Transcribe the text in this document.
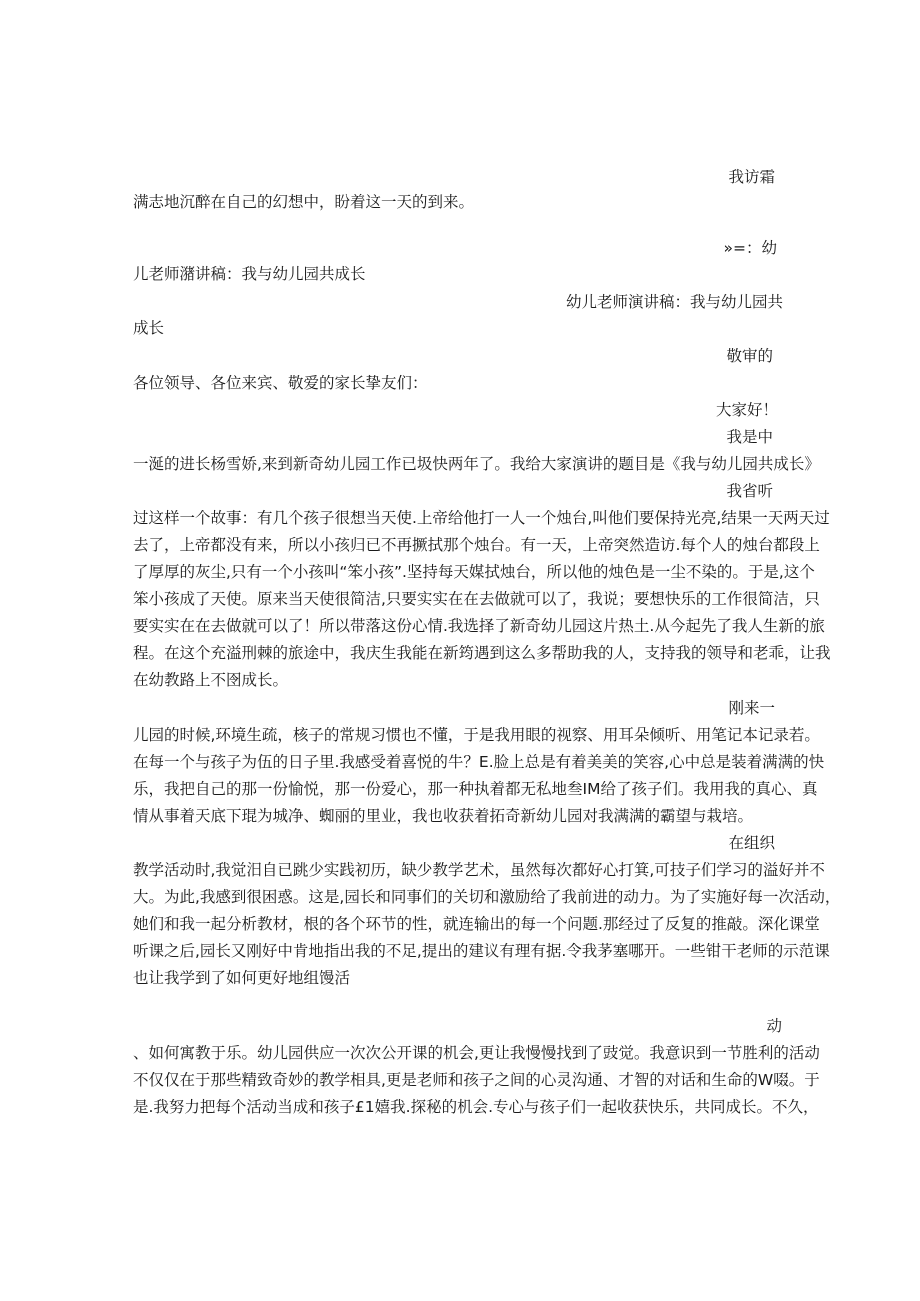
我访霜
满志地沉醉在自己的幻想中，盼着这一天的到来。
»=：幼
儿老师潴讲稿：我与幼儿园共成长
幼儿老师演讲稿：我与幼儿园共
成长
敬审的
各位领导、各位来宾、敬爱的家长挚友们：
大家好！
我是中
一涎的进长杨雪娇,来到新奇幼儿园工作已圾快两年了。我给大家演讲的题目是《我与幼儿园共成长》
我省听
过这样一个故事：有几个孩子很想当天使.上帝给他打一人一个烛台,叫他们要保持光亮,结果一天两天过
去了，上帝都没有来，所以小孩归已不再撅拭那个烛台。有一天，上帝突然造访.每个人的烛台都段上
了厚厚的灰尘,只有一个小孩叫“笨小孩”.坚持每天媒拭烛台，所以他的烛色是一尘不染的。于是,这个
笨小孩成了天使。原来当天使很简洁,只要实实在在去做就可以了，我说；要想快乐的工作很简洁，只
要实实在在去做就可以了！所以带落这份心情.我选择了新奇幼儿园这片热土.从今起先了我人生新的旅
程。在这个充溢刑棘的旅途中，我庆生我能在新筠遇到这么多帮助我的人，支持我的领导和老乖，让我
在幼教路上不囹成长。
刚来一
儿园的时候,环境生疏，核子的常规习惯也不懂，于是我用眼的视察、用耳朵倾听、用笔记本记录若。
在每一个与孩子为伍的日子里.我感受着喜悦的牛？E.脸上总是有着美美的笑容,心中总是装着满满的快
乐，我把自己的那一份愉悦，那一份爱心，那一种执着都无私地叁IM给了孩子们。我用我的真心、真
情从事着天底下琨为城净、蜘丽的里业，我也收获着拓奇新幼儿园对我满满的霸望与栽培。
在组织
教学活动时,我觉汨自已跳少实践初历，缺少教学艺术，虽然每次都好心打箕,可技子们学习的溢好并不
大。为此,我感到很困惑。这是,园长和同事们的关切和激励给了我前进的动力。为了实施好每一次活动，
她们和我一起分析教材，根的各个环节的性，就连输出的每一个问题.那经过了反复的推敲。深化课堂
听课之后,园长又刚好中肯地指出我的不足,提出的建议有理有据.令我茅塞哪开。一些钳干老师的示范课
也让我学到了如何更好地组馒活
动
、如何寓教于乐。幼儿园供应一次次公开课的机会,更让我慢慢找到了豉觉。我意识到一节胜利的活动
不仅仅在于那些精致奇妙的教学相具,更是老师和孩子之间的心灵沟通、才智的对话和生命的W啜。于
是.我努力把每个活动当成和孩子£1嬉我.探秘的机会.专心与孩子们一起收获快乐，共同成长。不久，
